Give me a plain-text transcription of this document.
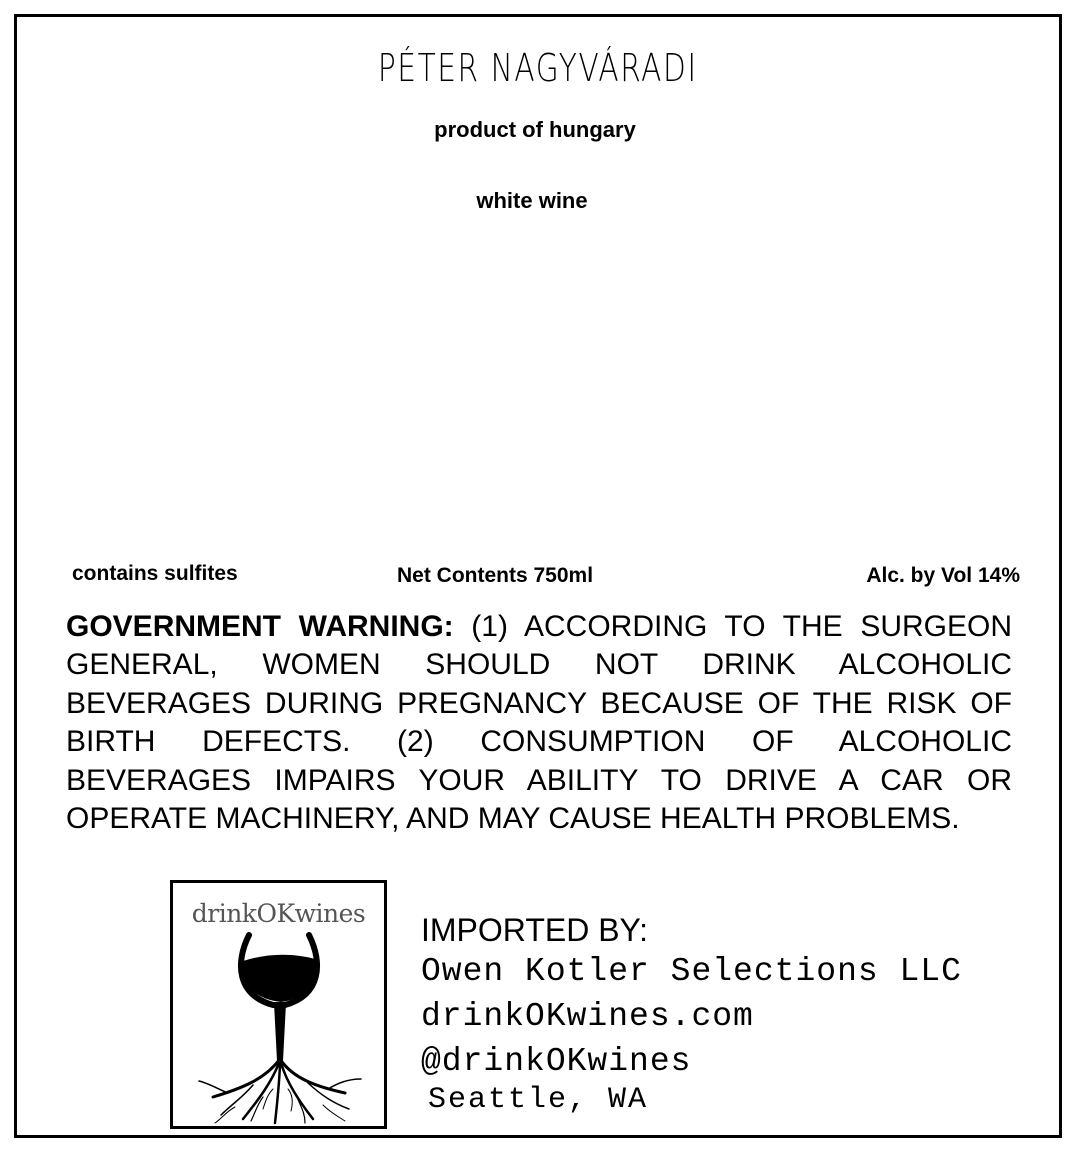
PÉTER NAGYVÁRADI
product of hungary
white wine
contains sulfites	Net Contents 750ml	Alc. by Vol 14%
GOVERNMENT WARNING: (1) ACCORDING TO THE SURGEON GENERAL, WOMEN SHOULD NOT DRINK ALCOHOLIC BEVERAGES DURING PREGNANCY BECAUSE OF THE RISK OF BIRTH DEFECTS. (2) CONSUMPTION OF ALCOHOLIC BEVERAGES IMPAIRS YOUR ABILITY TO DRIVE A CAR OR OPERATE MACHINERY, AND MAY CAUSE HEALTH PROBLEMS.
drinkOKwines	IMPORTED BY:
Owen Kotler Selections LLC
drinkOKwines.com
@drinkOKwines
Seattle, WA
